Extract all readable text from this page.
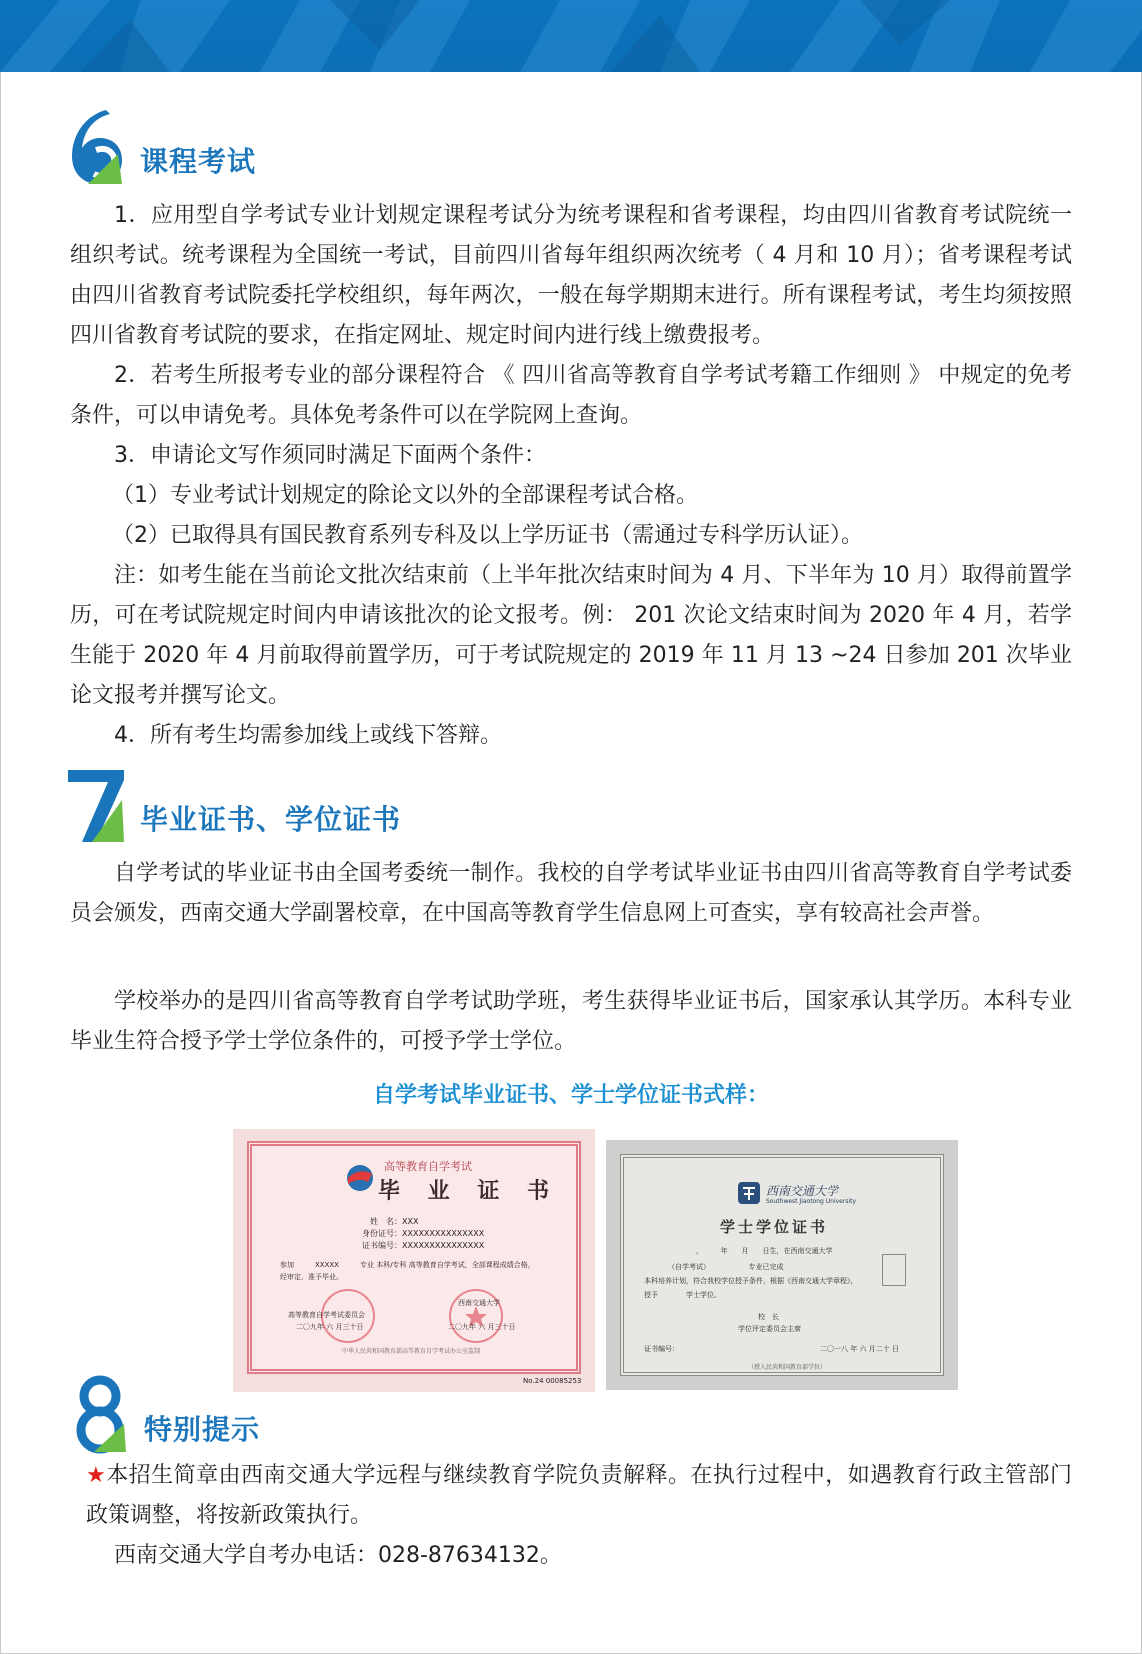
课程考试

1．应用型自学考试专业计划规定课程考试分为统考课程和省考课程，均由四川省教育考试院统一组织考试。统考课程为全国统一考试，目前四川省每年组织两次统考（ 4 月和 10 月）；省考课程考试由四川省教育考试院委托学校组织，每年两次，一般在每学期期末进行。所有课程考试，考生均须按照四川省教育考试院的要求，在指定网址、规定时间内进行线上缴费报考。

2．若考生所报考专业的部分课程符合 《 四川省高等教育自学考试考籍工作细则 》 中规定的免考条件，可以申请免考。具体免考条件可以在学院网上查询。

3．申请论文写作须同时满足下面两个条件：

（1）专业考试计划规定的除论文以外的全部课程考试合格。

（2）已取得具有国民教育系列专科及以上学历证书（需通过专科学历认证）。

注：如考生能在当前论文批次结束前（上半年批次结束时间为 4 月、下半年为 10 月）取得前置学历，可在考试院规定时间内申请该批次的论文报考。例： 201 次论文结束时间为 2020 年 4 月，若学生能于 2020 年 4 月前取得前置学历，可于考试院规定的 2019 年 11 月 13 ~24 日参加 201 次毕业论文报考并撰写论文。

4．所有考生均需参加线上或线下答辩。

毕业证书、学位证书

自学考试的毕业证书由全国考委统一制作。我校的自学考试毕业证书由四川省高等教育自学考试委员会颁发，西南交通大学副署校章，在中国高等教育学生信息网上可查实，享有较高社会声誉。

学校举办的是四川省高等教育自学考试助学班，考生获得毕业证书后，国家承认其学历。本科专业毕业生符合授予学士学位条件的，可授予学士学位。

自学考试毕业证书、学士学位证书式样：
高等教育自学考试
毕 业 证 书
姓　名：XXX
身份证号：XXXXXXXXXXXXXXX
证书编号：XXXXXXXXXXXXXXX
参加　　　XXXXX　　　专业 本科/专科 高等教育自学考试，全部课程成绩合格，
经审定，准予毕业。
高等教育自学考试委员会
二〇九年 六 月三十日
西南交通大学
二〇九年 六 月三十日
中华人民共和国教育部高等教育自学考试办公室监制
No.24 00085253
西南交通大学
Southwest Jiaotong University
学士学位证书
，　　　年　　月　　日生，在西南交通大学
（自学考试）　　　　　　专业已完成
本科培养计划，符合我校学位授予条件，根据《西南交通大学章程》，
授予　　　　学士学位。
校　长
学位评定委员会主席
证书编号：	二〇一八 年 六 月二十 日
（授人民共和国教育部学位）
特别提示

★本招生简章由西南交通大学远程与继续教育学院负责解释。在执行过程中，如遇教育行政主管部门政策调整，将按新政策执行。

西南交通大学自考办电话：028-87634132。
